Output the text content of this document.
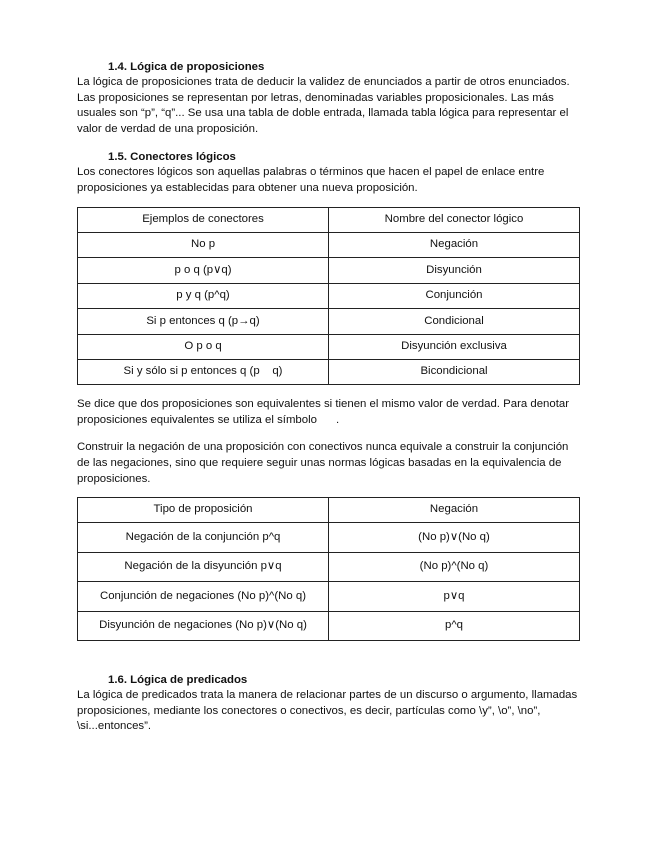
1.4. Lógica de proposiciones

La lógica de proposiciones trata de deducir la validez de enunciados a partir de otros enunciados.

Las proposiciones se representan por letras, denominadas variables proposicionales. Las más usuales son “p”, “q”... Se usa una tabla de doble entrada, llamada tabla lógica para representar el valor de verdad de una proposición.

1.5. Conectores lógicos

Los conectores lógicos son aquellas palabras o términos que hacen el papel de enlace entre proposiciones ya establecidas para obtener una nueva proposición.

Ejemplos de conectores	Nombre del conector lógico
No p	Negación
p o q (p∨q)	Disyunción
p y q (p^q)	Conjunción
Si p entonces q (p→q)	Condicional
O p o q	Disyunción exclusiva
Si y sólo si p entonces q (p    q)	Bicondicional

Se dice que dos proposiciones son equivalentes si tienen el mismo valor de verdad. Para denotar proposiciones equivalentes se utiliza el símbolo      .

Construir la negación de una proposición con conectivos nunca equivale a construir la conjunción de las negaciones, sino que requiere seguir unas normas lógicas basadas en la equivalencia de proposiciones.

Tipo de proposición	Negación
Negación de la conjunción p^q	(No p)∨(No q)
Negación de la disyunción p∨q	(No p)^(No q)
Conjunción de negaciones (No p)^(No q)	p∨q
Disyunción de negaciones (No p)∨(No q)	p^q
1.6. Lógica de predicados

La lógica de predicados trata la manera de relacionar partes de un discurso o argumento, llamadas proposiciones, mediante los conectores o conectivos, es decir, partículas como \y”, \o”, \no”, \si...entonces”.
